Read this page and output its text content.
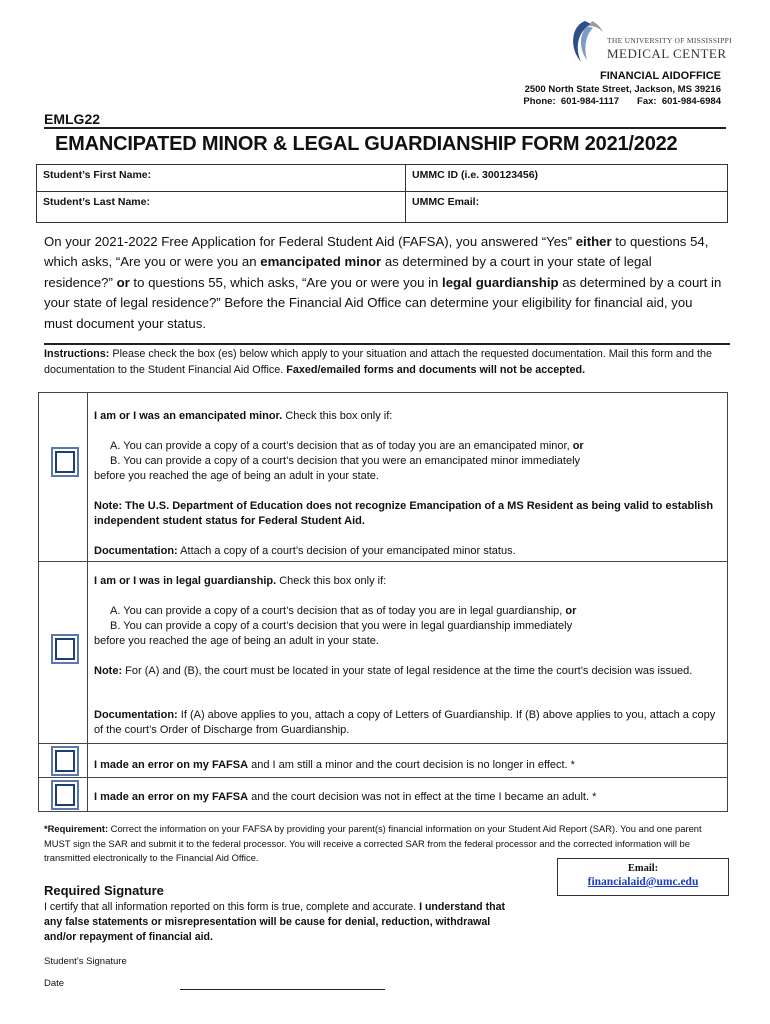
THE UNIVERSITY OF MISSISSIPPI
MEDICAL CENTER
FINANCIAL AIDOFFICE
2500 North State Street, Jackson, MS 39216
Phone:  601-984-1117 Fax:  601-984-6984
EMLG22
EMANCIPATED MINOR & LEGAL GUARDIANSHIP FORM 2021/2022
Student’s First Name:	UMMC ID (i.e. 300123456)
Student’s Last Name:	UMMC Email:
On your 2021-2022 Free Application for Federal Student Aid (FAFSA), you answered “Yes” either to questions 54, which asks, “Are you or were you an emancipated minor as determined by a court in your state of legal residence?” or to questions 55, which asks, “Are you or were you in legal guardianship as determined by a court in your state of legal residence?” Before the Financial Aid Office can determine your eligibility for financial aid, you must document your status.
Instructions: Please check the box (es) below which apply to your situation and attach the requested documentation. Mail this form and the documentation to the Student Financial Aid Office. Faxed/emailed forms and documents will not be accepted.
I am or I was an emancipated minor. Check this box only if:
A. You can provide a copy of a court’s decision that as of today you are an emancipated minor, or
B. You can provide a copy of a court’s decision that you were an emancipated minor immediately
before you reached the age of being an adult in your state.
Note: The U.S. Department of Education does not recognize Emancipation of a MS Resident as being valid to establish independent student status for Federal Student Aid.
Documentation: Attach a copy of a court’s decision of your emancipated minor status.
I am or I was in legal guardianship. Check this box only if:
A. You can provide a copy of a court’s decision that as of today you are in legal guardianship, or
B. You can provide a copy of a court’s decision that you were in legal guardianship immediately
before you reached the age of being an adult in your state.
Note: For (A) and (B), the court must be located in your state of legal residence at the time the court’s decision was issued.
Documentation: If (A) above applies to you, attach a copy of Letters of Guardianship. If (B) above applies to you, attach a copy of the court’s Order of Discharge from Guardianship.
I made an error on my FAFSA and I am still a minor and the court decision is no longer in effect. *
I made an error on my FAFSA and the court decision was not in effect at the time I became an adult. *
*Requirement: Correct the information on your FAFSA by providing your parent(s) financial information on your Student Aid Report (SAR). You and one parent MUST sign the SAR and submit it to the federal processor. You will receive a corrected SAR from the federal processor and the corrected information will be transmitted electronically to the Financial Aid Office.
Email:
financialaid@umc.edu
Required Signature
I certify that all information reported on this form is true, complete and accurate. I understand that any false statements or misrepresentation will be cause for denial, reduction, withdrawal and/or repayment of financial aid.
Student’s Signature
Date
